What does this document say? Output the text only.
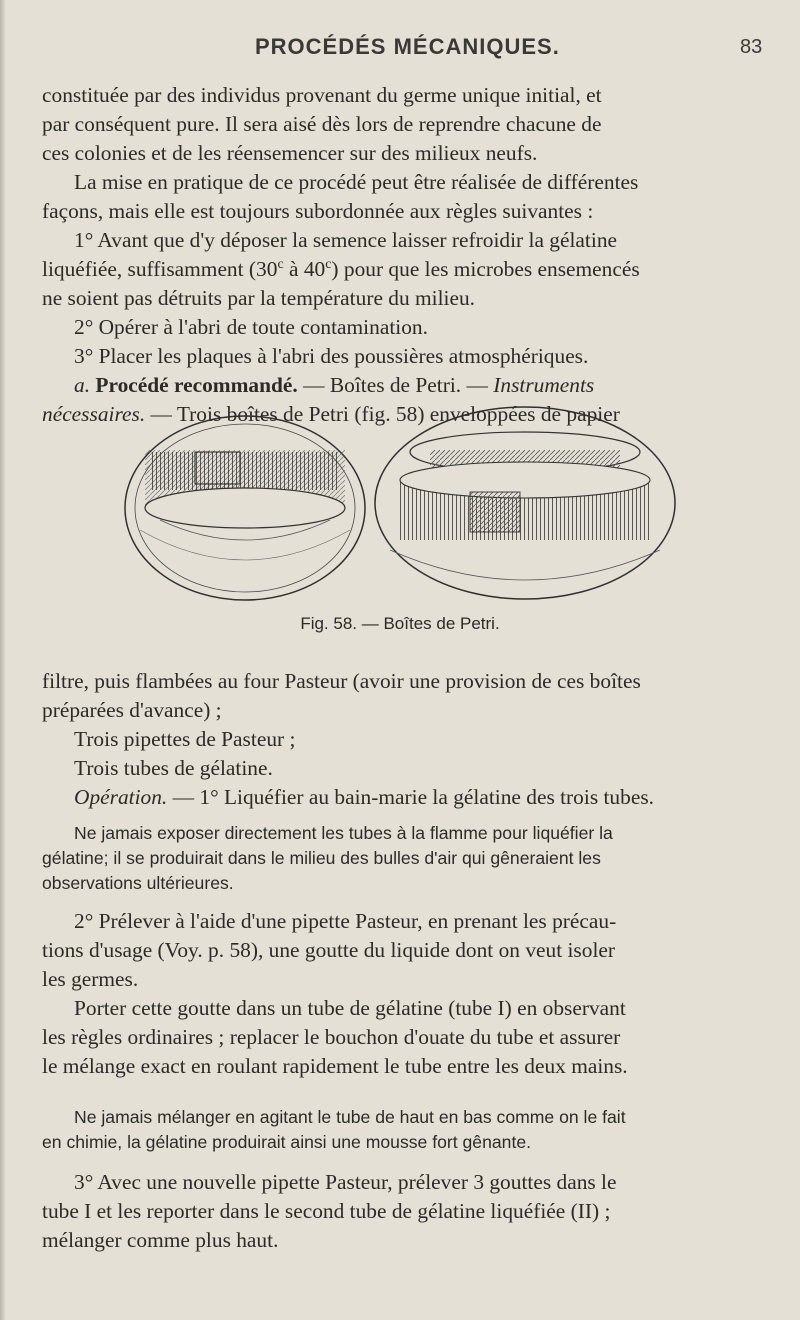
PROCÉDÉS MÉCANIQUES.	83
constituée par des individus provenant du germe unique initial, et
par conséquent pure. Il sera aisé dès lors de reprendre chacune de
ces colonies et de les réensemencer sur des milieux neufs.
La mise en pratique de ce procédé peut être réalisée de différentes
façons, mais elle est toujours subordonnée aux règles suivantes :
1° Avant que d'y déposer la semence laisser refroidir la gélatine
liquéfiée, suffisamment (30$^c$ à 40$^c$) pour que les microbes ensemencés
ne soient pas détruits par la température du milieu.
2° Opérer à l'abri de toute contamination.
3° Placer les plaques à l'abri des poussières atmosphériques.
a. Procédé recommandé. — Boîtes de Petri. — Instruments
nécessaires. — Trois boîtes de Petri (fig. 58) enveloppées de papier
Fig. 58. — Boîtes de Petri.
filtre, puis flambées au four Pasteur (avoir une provision de ces boîtes
préparées d'avance) ;
Trois pipettes de Pasteur ;
Trois tubes de gélatine.
Opération. — 1° Liquéfier au bain-marie la gélatine des trois tubes.
Ne jamais exposer directement les tubes à la flamme pour liquéfier la
gélatine; il se produirait dans le milieu des bulles d'air qui gêneraient les
observations ultérieures.
2° Prélever à l'aide d'une pipette Pasteur, en prenant les précau-
tions d'usage (Voy. p. 58), une goutte du liquide dont on veut isoler
les germes.
Porter cette goutte dans un tube de gélatine (tube I) en observant
les règles ordinaires ; replacer le bouchon d'ouate du tube et assurer
le mélange exact en roulant rapidement le tube entre les deux mains.
Ne jamais mélanger en agitant le tube de haut en bas comme on le fait
en chimie, la gélatine produirait ainsi une mousse fort gênante.
3° Avec une nouvelle pipette Pasteur, prélever 3 gouttes dans le
tube I et les reporter dans le second tube de gélatine liquéfiée (II) ;
mélanger comme plus haut.
